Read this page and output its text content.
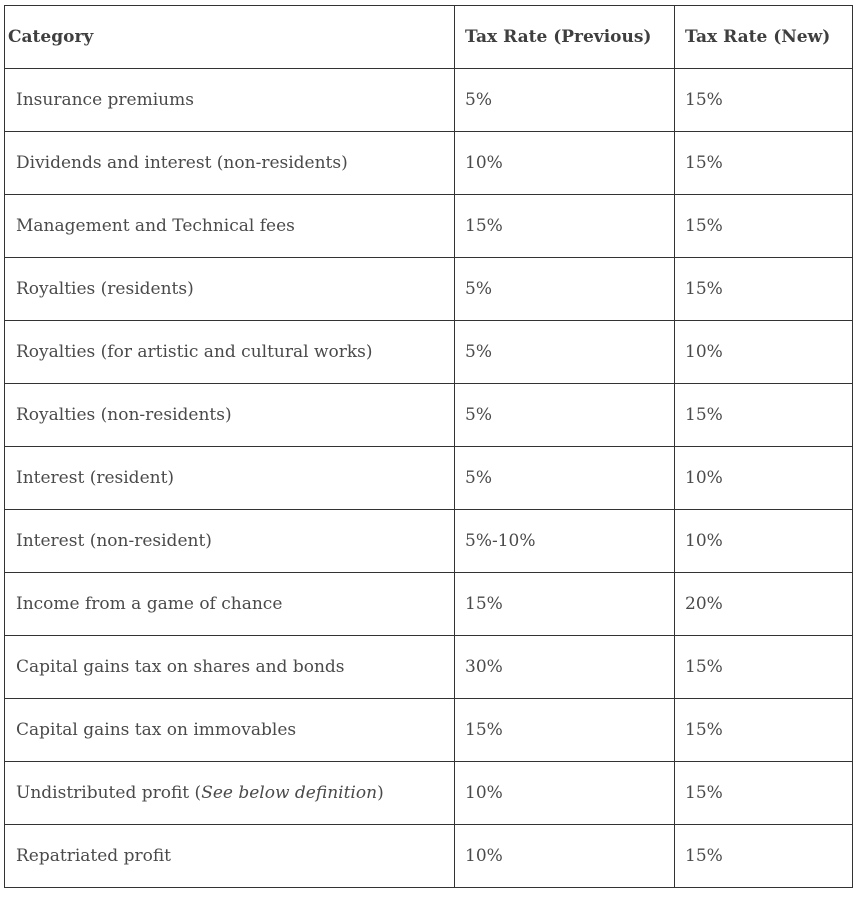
Category	Tax Rate (Previous)	Tax Rate (New)
Insurance premiums	5%	15%
Dividends and interest (non-residents)	10%	15%
Management and Technical fees	15%	15%
Royalties (residents)	5%	15%
Royalties (for artistic and cultural works)	5%	10%
Royalties (non-residents)	5%	15%
Interest (resident)	5%	10%
Interest (non-resident)	5%-10%	10%
Income from a game of chance	15%	20%
Capital gains tax on shares and bonds	30%	15%
Capital gains tax on immovables	15%	15%
Undistributed profit (See below definition)	10%	15%
Repatriated profit	10%	15%
